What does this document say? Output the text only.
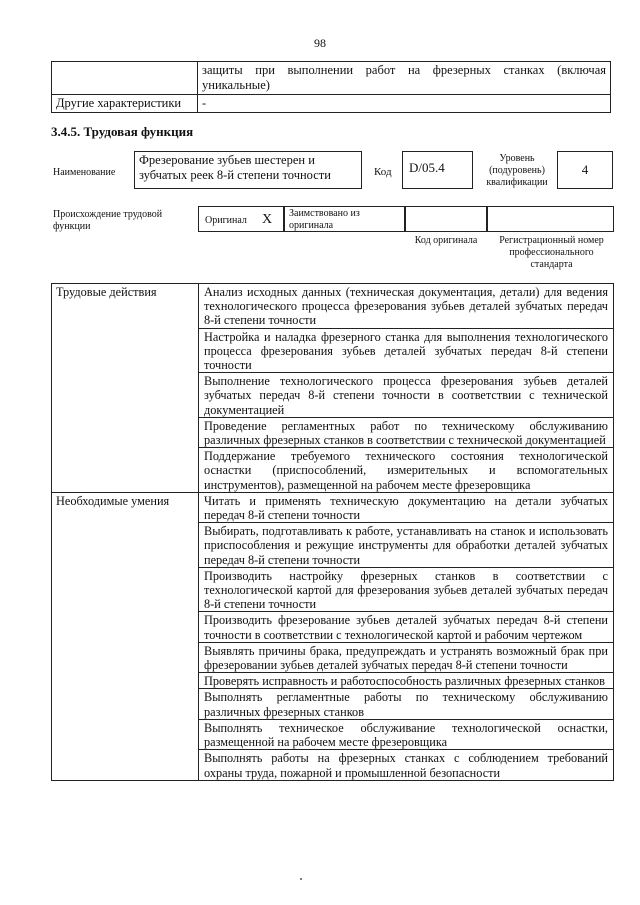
98
	защиты при выполнении работ на фрезерных станках (включая уникальные)
Другие характеристики	-
3.4.5. Трудовая функция
Наименование
Фрезерование зубьев шестерен и зубчатых реек 8-й степени точности	Код	D/05.4
Уровень (подуровень) квалификации
4
Происхождение трудовой функции
Оригинал X Заимствовано из оригинала
Код оригинала	Регистрационный номер профессионального стандарта
Трудовые действия	Анализ исходных данных (техническая документация, детали) для ведения технологического процесса фрезерования зубьев деталей зубчатых передач 8-й степени точности
	Настройка и наладка фрезерного станка для выполнения технологического процесса фрезерования зубьев деталей зубчатых передач 8-й степени точности
	Выполнение технологического процесса фрезерования зубьев деталей зубчатых передач 8-й степени точности в соответствии с технической документацией
	Проведение регламентных работ по техническому обслуживанию различных фрезерных станков в соответствии с технической документацией
	Поддержание требуемого технического состояния технологической оснастки (приспособлений, измерительных и вспомогательных инструментов), размещенной на рабочем месте фрезеровщика
Необходимые умения	Читать и применять техническую документацию на детали зубчатых передач 8-й степени точности
	Выбирать, подготавливать к работе, устанавливать на станок и использовать приспособления и режущие инструменты для обработки деталей зубчатых передач 8-й степени точности
	Производить настройку фрезерных станков в соответствии с технологической картой для фрезерования зубьев деталей зубчатых передач 8-й степени точности
	Производить фрезерование зубьев деталей зубчатых передач 8-й степени точности в соответствии с технологической картой и рабочим чертежом
	Выявлять причины брака, предупреждать и устранять возможный брак при фрезеровании зубьев деталей зубчатых передач 8-й степени точности
	Проверять исправность и работоспособность различных фрезерных станков
	Выполнять регламентные работы по техническому обслуживанию различных фрезерных станков
	Выполнять техническое обслуживание технологической оснастки, размещенной на рабочем месте фрезеровщика
	Выполнять работы на фрезерных станках с соблюдением требований охраны труда, пожарной и промышленной безопасности
